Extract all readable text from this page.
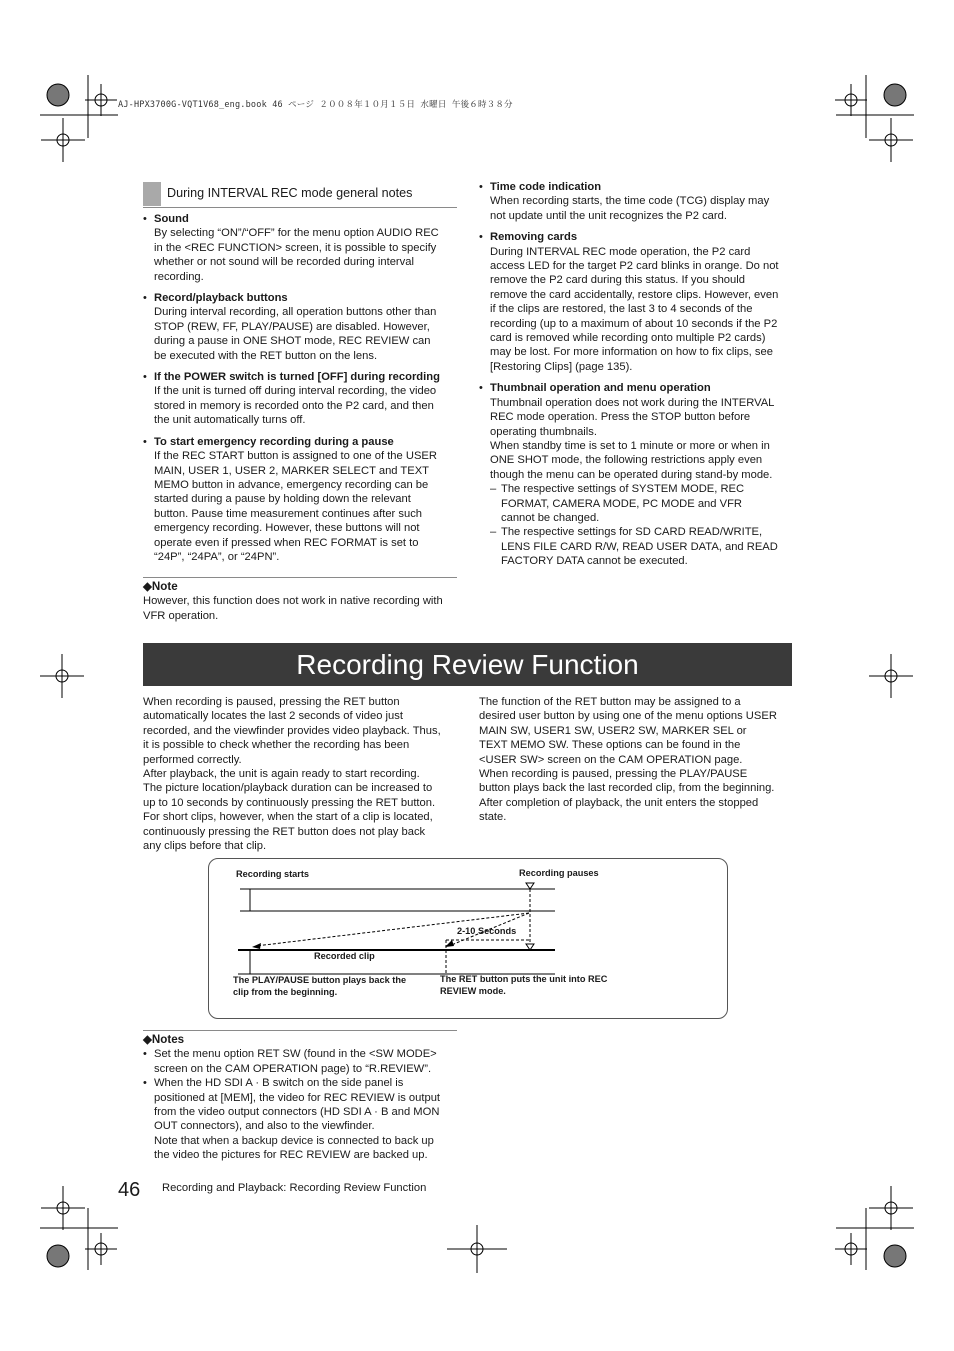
AJ-HPX3700G-VQT1V68_eng.book 46 ページ ２００８年１０月１５日 水曜日 午後６時３８分
During INTERVAL REC mode general notes
• Sound
By selecting “ON”/“OFF” for the menu option AUDIO REC
in the <REC FUNCTION> screen, it is possible to specify
whether or not sound will be recorded during interval
recording.
• Record/playback buttons
During interval recording, all operation buttons other than
STOP (REW, FF, PLAY/PAUSE) are disabled. However,
during a pause in ONE SHOT mode, REC REVIEW can
be executed with the RET button on the lens.
• If the POWER switch is turned [OFF] during recording
If the unit is turned off during interval recording, the video
stored in memory is recorded onto the P2 card, and then
the unit automatically turns off.
• To start emergency recording during a pause
If the REC START button is assigned to one of the USER
MAIN, USER 1, USER 2, MARKER SELECT and TEXT
MEMO button in advance, emergency recording can be
started during a pause by holding down the relevant
button. Pause time measurement continues after such
emergency recording. However, these buttons will not
operate even if pressed when REC FORMAT is set to
“24P”, “24PA”, or “24PN”.
◆Note

However, this function does not work in native recording with
VFR operation.

• Time code indication
When recording starts, the time code (TCG) display may
not update until the unit recognizes the P2 card.
• Removing cards
During INTERVAL REC mode operation, the P2 card
access LED for the target P2 card blinks in orange. Do not
remove the P2 card during this status. If you should
remove the card accidentally, restore clips. However, even
if the clips are restored, the last 3 to 4 seconds of the
recording (up to a maximum of about 10 seconds if the P2
card is removed while recording onto multiple P2 cards)
may be lost. For more information on how to fix clips, see
[Restoring Clips] (page 135).
• Thumbnail operation and menu operation
Thumbnail operation does not work during the INTERVAL
REC mode operation. Press the STOP button before
operating thumbnails.
When standby time is set to 1 minute or more or when in
ONE SHOT mode, the following restrictions apply even
though the menu can be operated during stand-by mode.
– The respective settings of SYSTEM MODE, REC
FORMAT, CAMERA MODE, PC MODE and VFR
cannot be changed.
– The respective settings for SD CARD READ/WRITE,
LENS FILE CARD R/W, READ USER DATA, and READ
FACTORY DATA cannot be executed.
Recording Review Function

When recording is paused, pressing the RET button
automatically locates the last 2 seconds of video just
recorded, and the viewfinder provides video playback. Thus,
it is possible to check whether the recording has been
performed correctly.
After playback, the unit is again ready to start recording.
The picture location/playback duration can be increased to
up to 10 seconds by continuously pressing the RET button.
For short clips, however, when the start of a clip is located,
continuously pressing the RET button does not play back
any clips before that clip.

The function of the RET button may be assigned to a
desired user button by using one of the menu options USER
MAIN SW, USER1 SW, USER2 SW, MARKER SEL or
TEXT MEMO SW. These options can be found in the
<USER SW> screen on the CAM OPERATION page.
When recording is paused, pressing the PLAY/PAUSE
button plays back the last recorded clip, from the beginning.
After completion of playback, the unit enters the stopped
state.

Recording starts	Recording pauses
2-10 Seconds
Recorded clip
The PLAY/PAUSE button plays back the
clip from the beginning.
The RET button puts the unit into REC
REVIEW mode.
◆Notes
• Set the menu option RET SW (found in the <SW MODE>
screen on the CAM OPERATION page) to “R.REVIEW”.
• When the HD SDI A · B switch on the side panel is
positioned at [MEM], the video for REC REVIEW is output
from the video output connectors (HD SDI A · B and MON
OUT connectors), and also to the viewfinder.
Note that when a backup device is connected to back up
the video the pictures for REC REVIEW are backed up.
46 Recording and Playback: Recording Review Function
